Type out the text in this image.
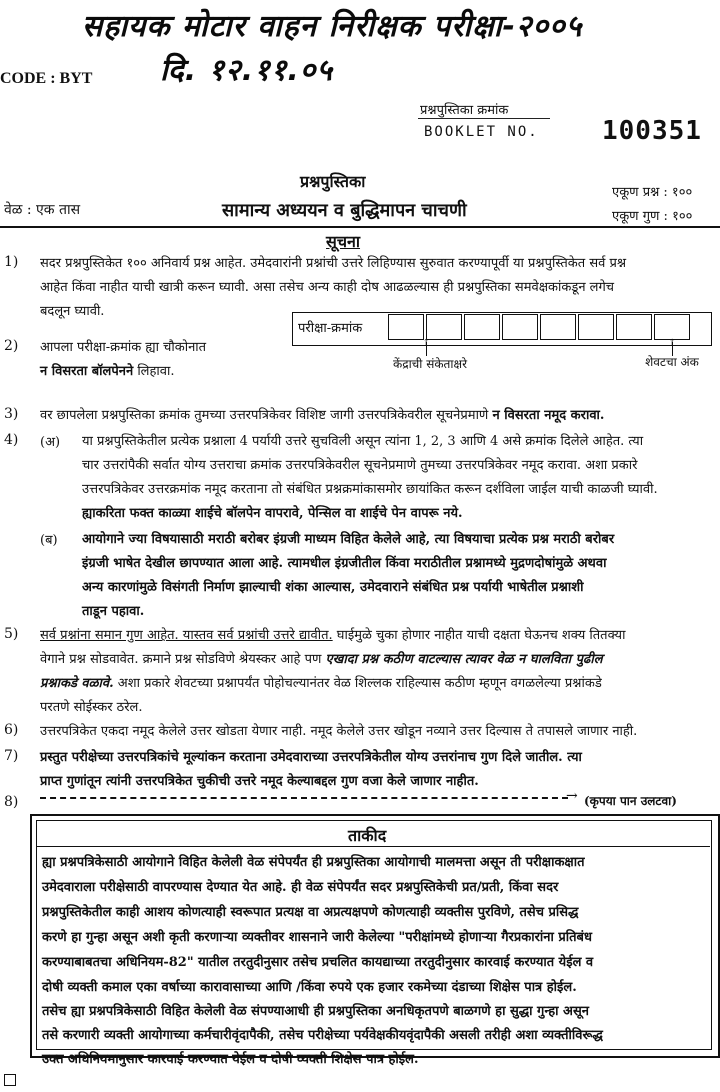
सहायक मोटार वाहन निरीक्षक परीक्षा-२००५
दि. १२.११.०५
CODE : BYT
प्रश्नपुस्तिका क्रमांक
BOOKLET NO. 100351
प्रश्नपुस्तिका
वेळ : एक तास	सामान्य अध्ययन व बुद्धिमापन चाचणी
एकूण प्रश्न : १००
एकूण गुण : १००
सूचना
1) सदर प्रश्नपुस्तिकेत १०० अनिवार्य प्रश्न आहेत. उमेदवारांनी प्रश्नांची उत्तरे लिहिण्यास सुरुवात करण्यापूर्वी या प्रश्नपुस्तिकेत सर्व प्रश्न
आहेत किंवा नाहीत याची खात्री करून घ्यावी. असा तसेच अन्य काही दोष आढळल्यास ही प्रश्नपुस्तिका समवेक्षकांकडून लगेच
बदलून घ्यावी.
2) आपला परीक्षा-क्रमांक ह्या चौकोनात
न विसरता बॉलपेनने लिहावा.
परीक्षा-क्रमांक
↑	↑
केंद्राची संकेताक्षरे	शेवटचा अंक
3) वर छापलेला प्रश्नपुस्तिका क्रमांक तुमच्या उत्तरपत्रिकेवर विशिष्ट जागी उत्तरपत्रिकेवरील सूचनेप्रमाणे न विसरता नमूद करावा.
4) (अ) या प्रश्नपुस्तिकेतील प्रत्येक प्रश्नाला 4 पर्यायी उत्तरे सुचविली असून त्यांना 1, 2, 3 आणि 4 असे क्रमांक दिलेले आहेत. त्या
चार उत्तरांपैकी सर्वात योग्य उत्तराचा क्रमांक उत्तरपत्रिकेवरील सूचनेप्रमाणे तुमच्या उत्तरपत्रिकेवर नमूद करावा. अशा प्रकारे
उत्तरपत्रिकेवर उत्तरक्रमांक नमूद करताना तो संबंधित प्रश्नक्रमांकासमोर छायांकित करून दर्शविला जाईल याची काळजी घ्यावी.
ह्याकरिता फक्त काळ्या शाईचे बॉलपेन वापरावे, पेन्सिल वा शाईचे पेन वापरू नये.
(ब) आयोगाने ज्या विषयासाठी मराठी बरोबर इंग्रजी माध्यम विहित केलेले आहे, त्या विषयाचा प्रत्येक प्रश्न मराठी बरोबर
इंग्रजी भाषेत देखील छापण्यात आला आहे. त्यामधील इंग्रजीतील किंवा मराठीतील प्रश्नामध्ये मुद्रणदोषांमुळे अथवा
अन्य कारणांमुळे विसंगती निर्माण झाल्याची शंका आल्यास, उमेदवाराने संबंधित प्रश्न पर्यायी भाषेतील प्रश्नाशी
ताडून पहावा.
5) सर्व प्रश्नांना समान गुण आहेत. यास्तव सर्व प्रश्नांची उत्तरे द्यावीत. घाईमुळे चुका होणार नाहीत याची दक्षता घेऊनच शक्य तितक्या
वेगाने प्रश्न सोडवावेत. क्रमाने प्रश्न सोडविणे श्रेयस्कर आहे पण एखादा प्रश्न कठीण वाटल्यास त्यावर वेळ न घालविता पुढील
प्रश्नाकडे वळावे. अशा प्रकारे शेवटच्या प्रश्नापर्यंत पोहोचल्यानंतर वेळ शिल्लक राहिल्यास कठीण म्हणून वगळलेल्या प्रश्नांकडे
परतणे सोईस्कर ठरेल.
6) उत्तरपत्रिकेत एकदा नमूद केलेले उत्तर खोडता येणार नाही. नमूद केलेले उत्तर खोडून नव्याने उत्तर दिल्यास ते तपासले जाणार नाही.
7) प्रस्तुत परीक्षेच्या उत्तरपत्रिकांचे मूल्यांकन करताना उमेदवाराच्या उत्तरपत्रिकेतील योग्य उत्तरांनाच गुण दिले जातील. त्या
प्राप्त गुणांतून त्यांनी उत्तरपत्रिकेत चुकीची उत्तरे नमूद केल्याबद्दल गुण वजा केले जाणार नाहीत.
8)	→ (कृपया पान उलटवा)
ताकीद
ह्या प्रश्नपत्रिकेसाठी आयोगाने विहित केलेली वेळ संपेपर्यंत ही प्रश्नपुस्तिका आयोगाची मालमत्ता असून ती परीक्षाकक्षात
उमेदवाराला परीक्षेसाठी वापरण्यास देण्यात येत आहे. ही वेळ संपेपर्यंत सदर प्रश्नपुस्तिकेची प्रत/प्रती, किंवा सदर
प्रश्नपुस्तिकेतील काही आशय कोणत्याही स्वरूपात प्रत्यक्ष वा अप्रत्यक्षपणे कोणत्याही व्यक्तीस पुरविणे, तसेच प्रसिद्ध
करणे हा गुन्हा असून अशी कृती करणाऱ्या व्यक्तीवर शासनाने जारी केलेल्या "परीक्षांमध्ये होणाऱ्या गैरप्रकारांना प्रतिबंध
करण्याबाबतचा अधिनियम-82" यातील तरतुदीनुसार तसेच प्रचलित कायद्याच्या तरतुदीनुसार कारवाई करण्यात येईल व
दोषी व्यक्ती कमाल एका वर्षाच्या कारावासाच्या आणि /किंवा रुपये एक हजार रकमेच्या दंडाच्या शिक्षेस पात्र होईल.
तसेच ह्या प्रश्नपत्रिकेसाठी विहित केलेली वेळ संपण्याआधी ही प्रश्नपुस्तिका अनधिकृतपणे बाळगणे हा सुद्धा गुन्हा असून
तसे करणारी व्यक्ती आयोगाच्या कर्मचारीवृंदापैकी, तसेच परीक्षेच्या पर्यवेक्षकीयवृंदापैकी असली तरीही अशा व्यक्तीविरूद्ध
उक्त अधिनियमानुसार कारवाई करण्यात येईल व दोषी व्यक्ती शिक्षेस पात्र होईल.
